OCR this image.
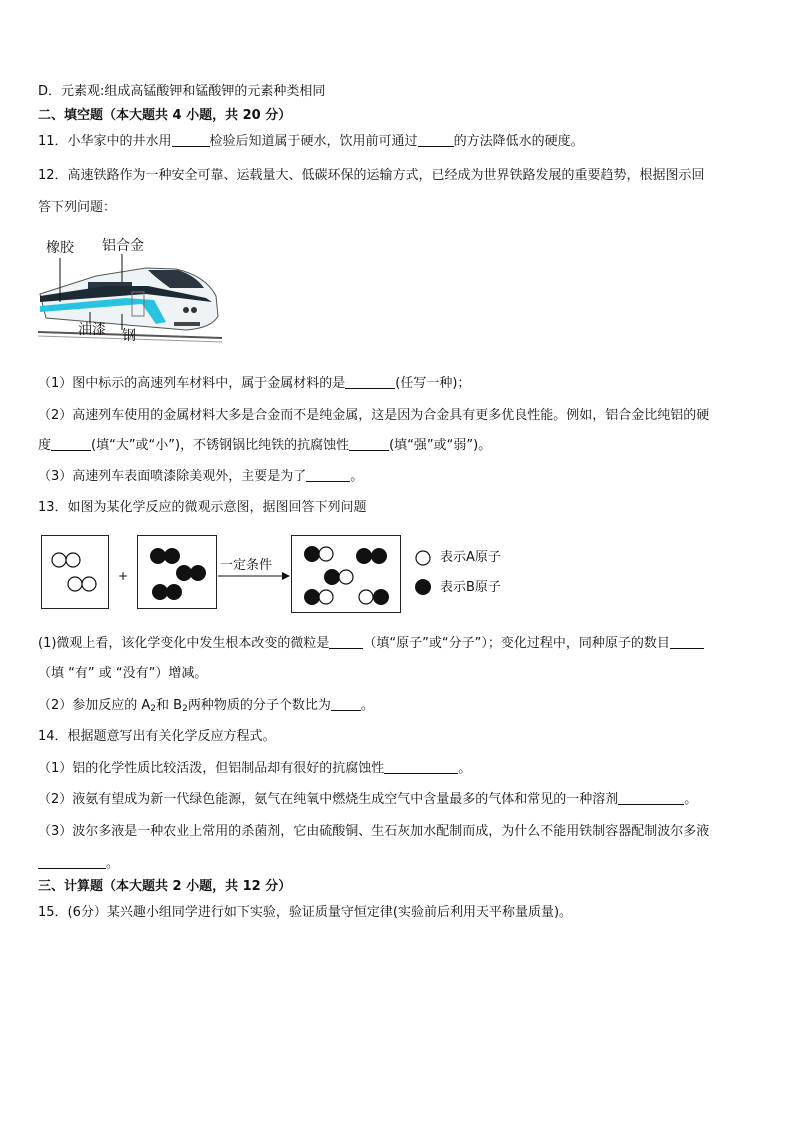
D．元素观:组成高锰酸钾和锰酸钾的元素种类相同
二、填空题（本大题共 4 小题，共 20 分）
11．小华家中的井水用	检验后知道属于硬水，饮用前可通过	的方法降低水的硬度。
12．高速铁路作为一种安全可靠、运载量大、低碳环保的运输方式，已经成为世界铁路发展的重要趋势，根据图示回
答下列问题：
橡胶 铝合金
油漆 钢
（1）图中标示的高速列车材料中，属于金属材料的是	(任写一种)；
（2）高速列车使用的金属材料大多是合金而不是纯金属，这是因为合金具有更多优良性能。例如，铝合金比纯铝的硬
度	(填“大”或“小”)，不锈钢锅比纯铁的抗腐蚀性	(填“强”或“弱”)。
（3）高速列车表面喷漆除美观外，主要是为了	。
13．如图为某化学反应的微观示意图，据图回答下列问题
+
一定条件
表示A原子
表示B原子
(1)微观上看，该化学变化中发生根本改变的微粒是	（填“原子”或“分子”）；变化过程中，同种原子的数目
（填 “有” 或 “没有”）增减。
（2）参加反应的 $A_2$和 $B_2$两种物质的分子个数比为 。
14．根据题意写出有关化学反应方程式。
（1）铝的化学性质比较活泼，但铝制品却有很好的抗腐蚀性	。
（2）液氨有望成为新一代绿色能源，氨气在纯氧中燃烧生成空气中含量最多的气体和常见的一种溶剂	。
（3）波尔多液是一种农业上常用的杀菌剂，它由硫酸铜、生石灰加水配制而成，为什么不能用铁制容器配制波尔多液
。
三、计算题（本大题共 2 小题，共 12 分）
15．(6分）某兴趣小组同学进行如下实验，验证质量守恒定律(实验前后利用天平称量质量)。
